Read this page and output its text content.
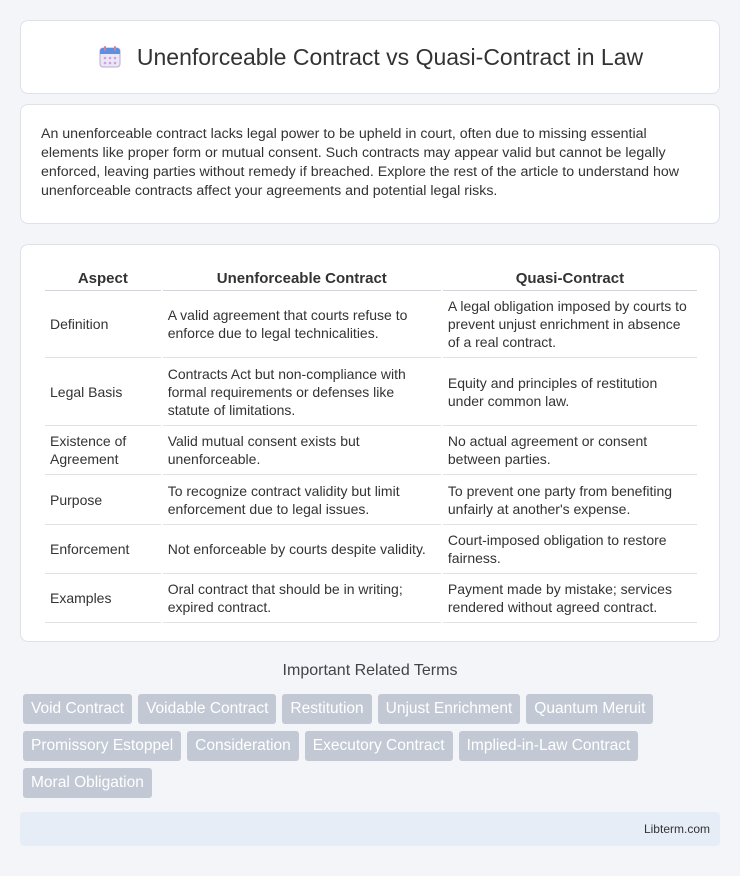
Unenforceable Contract vs Quasi-Contract in Law

An unenforceable contract lacks legal power to be upheld in court, often due to missing essential elements like proper form or mutual consent. Such contracts may appear valid but cannot be legally enforced, leaving parties without remedy if breached. Explore the rest of the article to understand how unenforceable contracts affect your agreements and potential legal risks.

Aspect	Unenforceable Contract	Quasi-Contract
Definition	A valid agreement that courts refuse to enforce due to legal technicalities.	A legal obligation imposed by courts to prevent unjust enrichment in absence of a real contract.
Legal Basis	Contracts Act but non-compliance with formal requirements or defenses like statute of limitations.	Equity and principles of restitution under common law.
Existence of Agreement	Valid mutual consent exists but unenforceable.	No actual agreement or consent between parties.
Purpose	To recognize contract validity but limit enforcement due to legal issues.	To prevent one party from benefiting unfairly at another's expense.
Enforcement	Not enforceable by courts despite validity.	Court-imposed obligation to restore fairness.
Examples	Oral contract that should be in writing; expired contract.	Payment made by mistake; services rendered without agreed contract.
Important Related Terms
Void Contract	Voidable Contract	Restitution	Unjust Enrichment	Quantum Meruit
Promissory Estoppel	Consideration	Executory Contract	Implied-in-Law Contract
Moral Obligation
Libterm.com
